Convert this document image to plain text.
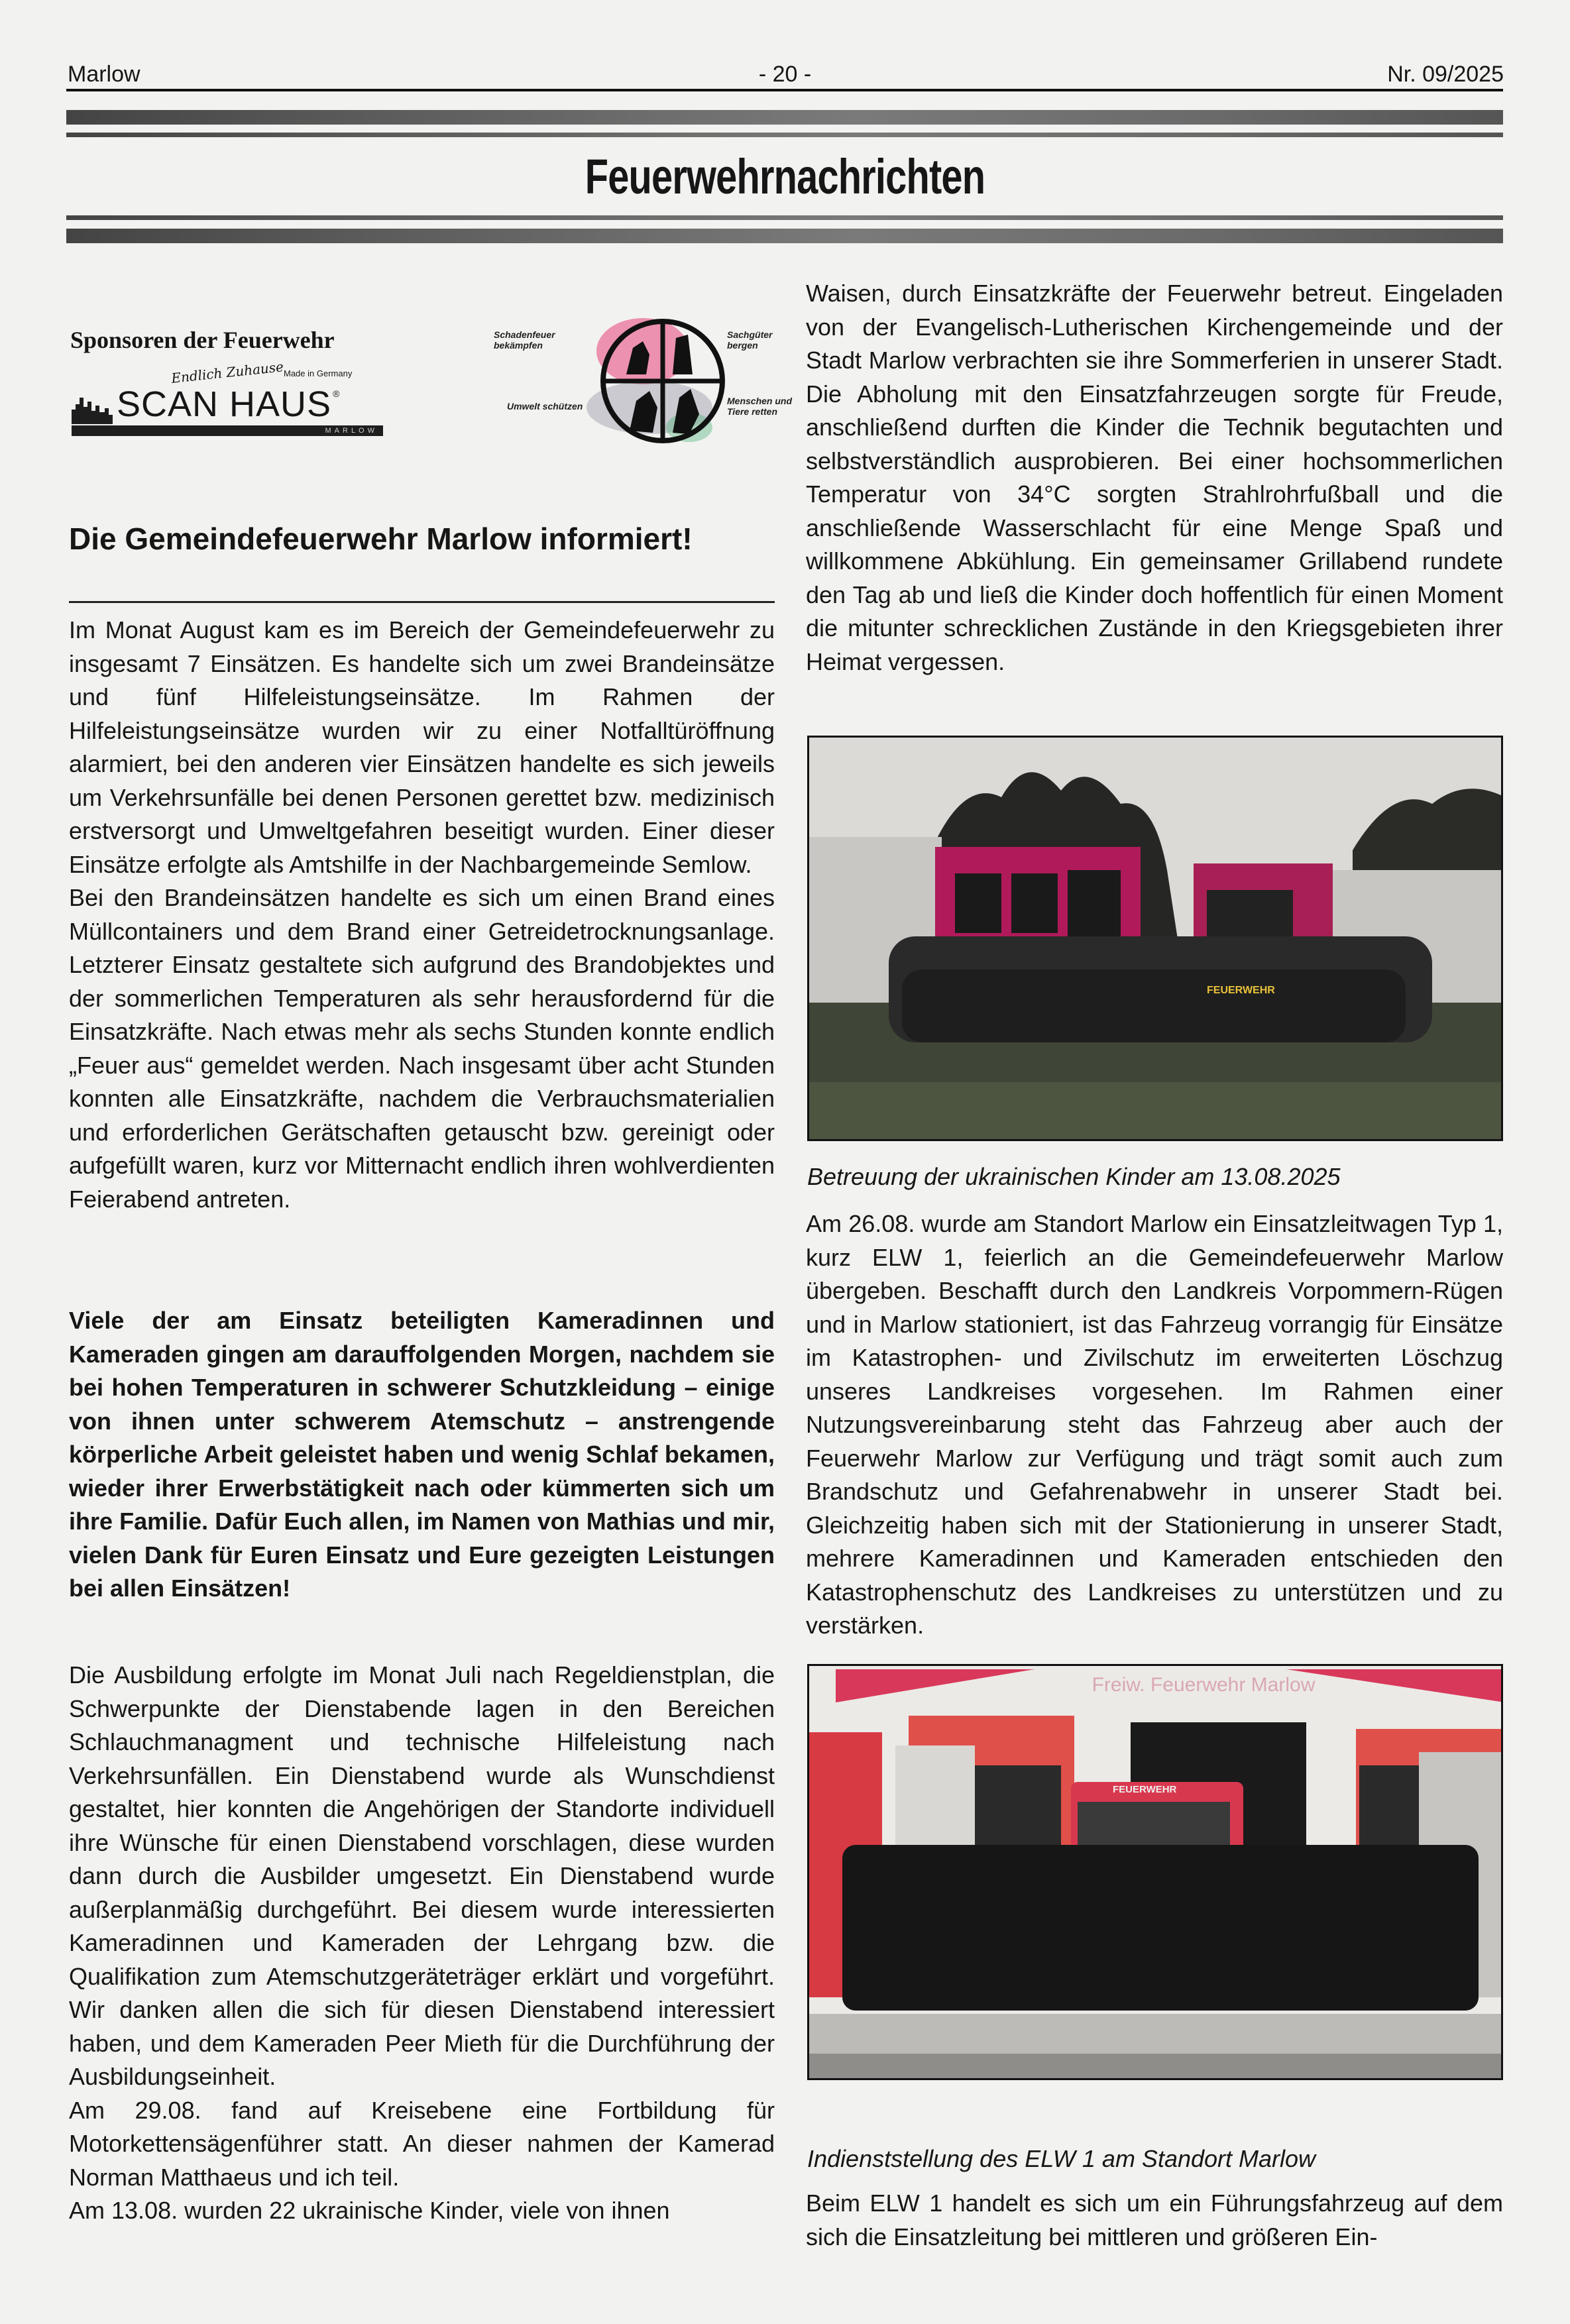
Marlow	- 20 -	Nr. 09/2025
Feuerwehrnachrichten
Sponsoren der Feuerwehr
Endlich Zuhause Made in Germany
SCAN HAUS ®
MARLOW
Schadenfeuer bekämpfen
Sachgüter bergen
Umwelt schützen	Menschen und Tiere retten
Die Gemeindefeuerwehr Marlow informiert!

Im Monat August kam es im Bereich der Gemeindefeuerwehr zu insgesamt 7 Einsätzen. Es handelte sich um zwei Brandeinsätze und fünf Hilfeleistungseinsätze. Im Rahmen der Hilfeleistungseinsätze wurden wir zu einer Notfalltüröffnung alarmiert, bei den anderen vier Einsätzen handelte es sich jeweils um Verkehrsunfälle bei denen Personen gerettet bzw. medizinisch erstversorgt und Umweltgefahren beseitigt wurden. Einer dieser Einsätze erfolgte als Amtshilfe in der Nachbargemeinde Semlow.

Bei den Brandeinsätzen handelte es sich um einen Brand eines Müllcontainers und dem Brand einer Getreidetrocknungsanlage. Letzterer Einsatz gestaltete sich aufgrund des Brandobjektes und der sommerlichen Temperaturen als sehr herausfordernd für die Einsatzkräfte. Nach etwas mehr als sechs Stunden konnte endlich „Feuer aus“ gemeldet werden. Nach insgesamt über acht Stunden konnten alle Einsatzkräfte, nachdem die Verbrauchsmaterialien und erforderlichen Gerätschaften getauscht bzw. gereinigt oder aufgefüllt waren, kurz vor Mitternacht endlich ihren wohlverdienten Feierabend antreten.

Viele der am Einsatz beteiligten Kameradinnen und Kameraden gingen am darauffolgenden Morgen, nachdem sie bei hohen Temperaturen in schwerer Schutzkleidung – einige von ihnen unter schwerem Atemschutz – anstrengende körperliche Arbeit geleistet haben und wenig Schlaf bekamen, wieder ihrer Erwerbstätigkeit nach oder kümmerten sich um ihre Familie. Dafür Euch allen, im Namen von Mathias und mir, vielen Dank für Euren Einsatz und Eure gezeigten Leistungen bei allen Einsätzen!

Die Ausbildung erfolgte im Monat Juli nach Regeldienstplan, die Schwerpunkte der Dienstabende lagen in den Bereichen Schlauchmanagment und technische Hilfeleistung nach Verkehrsunfällen. Ein Dienstabend wurde als Wunschdienst gestaltet, hier konnten die Angehörigen der Standorte individuell ihre Wünsche für einen Dienstabend vorschlagen, diese wurden dann durch die Ausbilder umgesetzt. Ein Dienstabend wurde außerplanmäßig durchgeführt. Bei diesem wurde interessierten Kameradinnen und Kameraden der Lehrgang bzw. die Qualifikation zum Atemschutzgeräteträger erklärt und vorgeführt. Wir danken allen die sich für diesen Dienstabend interessiert haben, und dem Kameraden Peer Mieth für die Durchführung der Ausbildungseinheit.

Am 29.08. fand auf Kreisebene eine Fortbildung für Motorkettensägenführer statt. An dieser nahmen der Kamerad Norman Matthaeus und ich teil.

Am 13.08. wurden 22 ukrainische Kinder, viele von ihnen

Waisen, durch Einsatzkräfte der Feuerwehr betreut. Eingeladen von der Evangelisch-Lutherischen Kirchengemeinde und der Stadt Marlow verbrachten sie ihre Sommerferien in unserer Stadt. Die Abholung mit den Einsatzfahrzeugen sorgte für Freude, anschließend durften die Kinder die Technik begutachten und selbstverständlich ausprobieren. Bei einer hochsommerlichen Temperatur von 34°C sorgten Strahlrohrfußball und die anschließende Wasserschlacht für eine Menge Spaß und willkommene Abkühlung. Ein gemeinsamer Grillabend rundete den Tag ab und ließ die Kinder doch hoffentlich für einen Moment die mitunter schrecklichen Zustände in den Kriegsgebieten ihrer Heimat vergessen.
FEUERWEHR
Betreuung der ukrainischen Kinder am 13.08.2025
Am 26.08. wurde am Standort Marlow ein Einsatzleitwagen Typ 1, kurz ELW 1, feierlich an die Gemeindefeuerwehr Marlow übergeben. Beschafft durch den Landkreis Vorpommern-Rügen und in Marlow stationiert, ist das Fahrzeug vorrangig für Einsätze im Katastrophen- und Zivilschutz im erweiterten Löschzug unseres Landkreises vorgesehen. Im Rahmen einer Nutzungsvereinbarung steht das Fahrzeug aber auch der Feuerwehr Marlow zur Verfügung und trägt somit auch zum Brandschutz und Gefahrenabwehr in unserer Stadt bei. Gleichzeitig haben sich mit der Stationierung in unserer Stadt, mehrere Kameradinnen und Kameraden entschieden den Katastrophenschutz des Landkreises zu unterstützen und zu verstärken.
Freiw. Feuerwehr Marlow
FEUERWEHR
Indienststellung des ELW 1 am Standort Marlow
Beim ELW 1 handelt es sich um ein Führungsfahrzeug auf dem sich die Einsatzleitung bei mittleren und größeren Ein-
